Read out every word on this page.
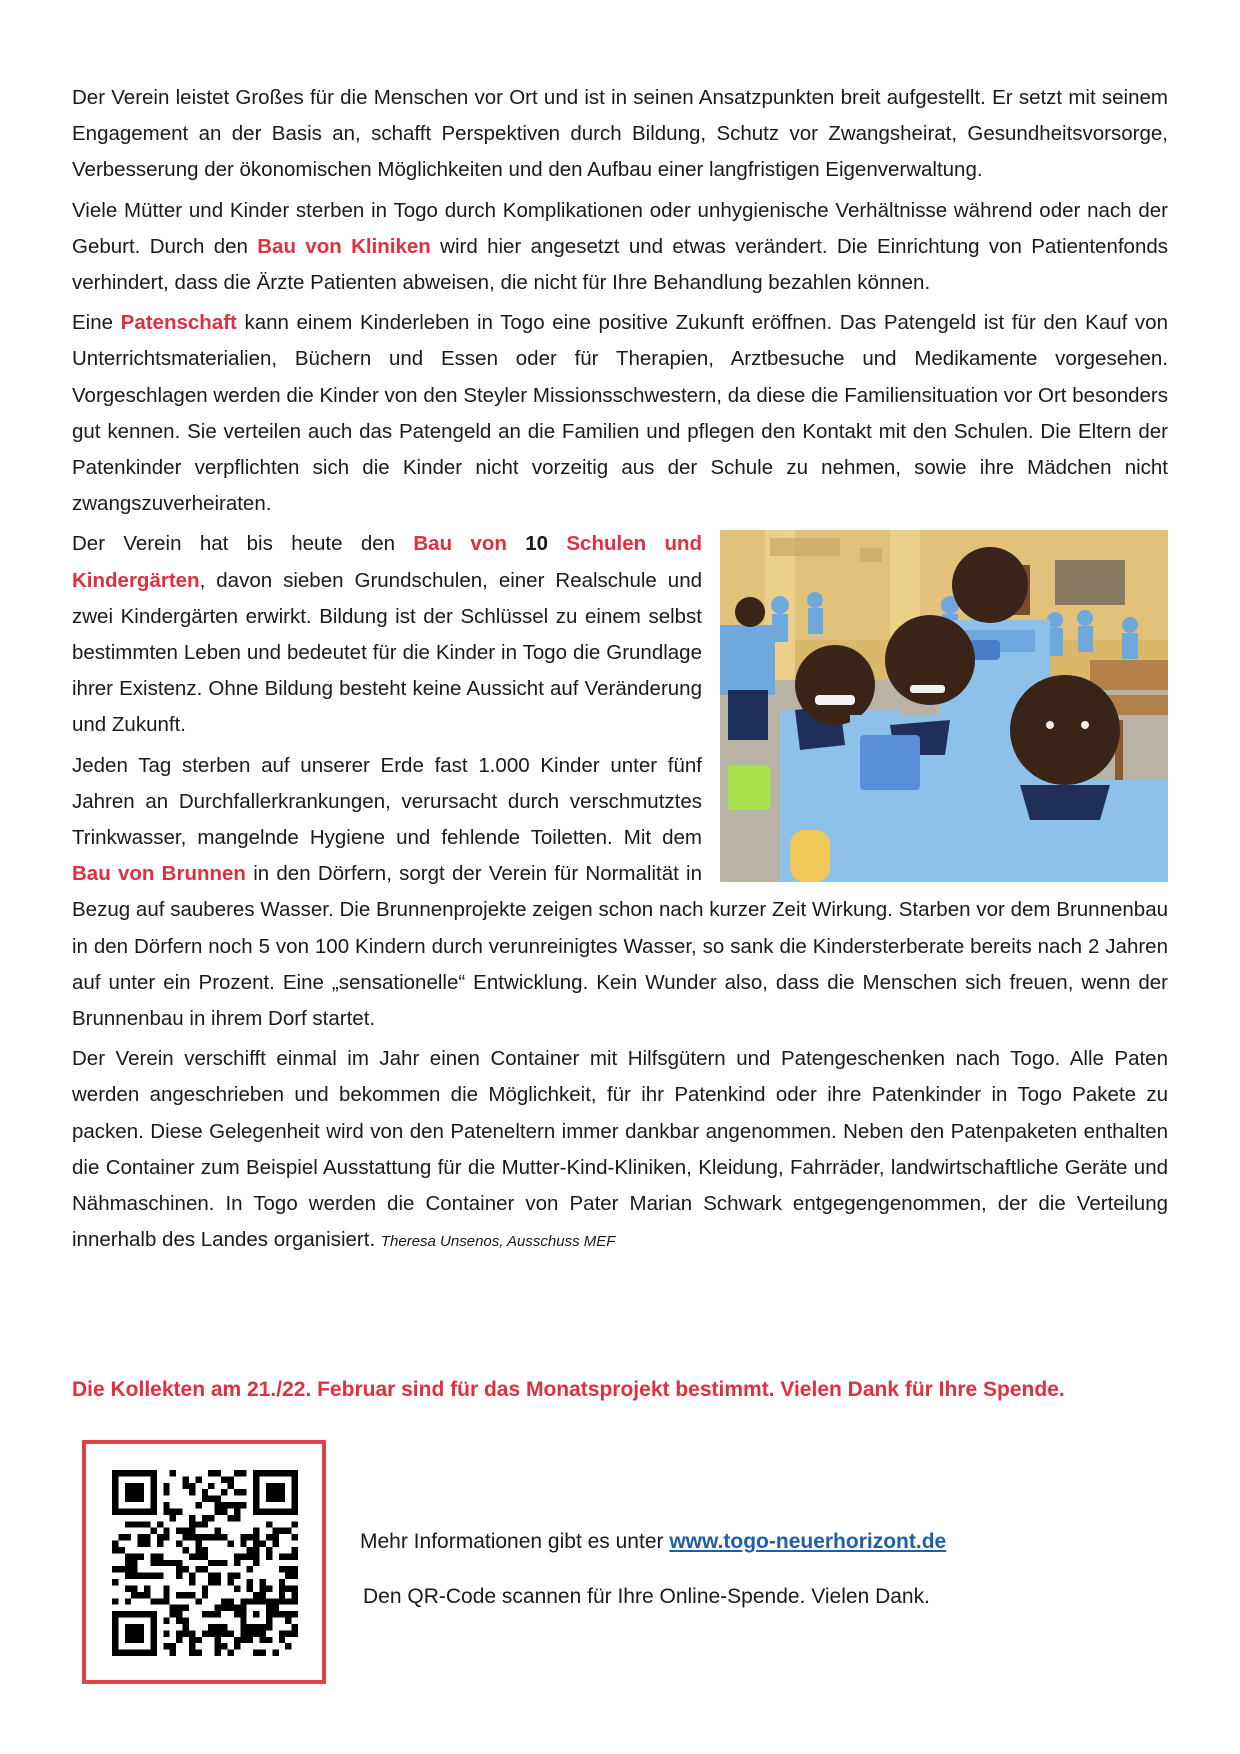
Der Verein leistet Großes für die Menschen vor Ort und ist in seinen Ansatzpunkten breit aufgestellt. Er setzt mit seinem Engagement an der Basis an, schafft Perspektiven durch Bildung, Schutz vor Zwangsheirat, Gesundheitsvorsorge, Verbesserung der ökonomischen Möglichkeiten und den Aufbau einer langfristigen Eigenverwaltung.

Viele Mütter und Kinder sterben in Togo durch Komplikationen oder unhygienische Verhältnisse während oder nach der Geburt. Durch den Bau von Kliniken wird hier angesetzt und etwas verändert. Die Einrichtung von Patientenfonds verhindert, dass die Ärzte Patienten abweisen, die nicht für Ihre Behandlung bezahlen können.

Eine Patenschaft kann einem Kinderleben in Togo eine positive Zukunft eröffnen. Das Patengeld ist für den Kauf von Unterrichtsmaterialien, Büchern und Essen oder für Therapien, Arztbesuche und Medikamente vorgesehen. Vorgeschlagen werden die Kinder von den Steyler Missionsschwestern, da diese die Familiensituation vor Ort besonders gut kennen. Sie verteilen auch das Patengeld an die Familien und pflegen den Kontakt mit den Schulen. Die Eltern der Patenkinder verpflichten sich die Kinder nicht vorzeitig aus der Schule zu nehmen, sowie ihre Mädchen nicht zwangszuverheiraten.

Der Verein hat bis heute den Bau von 10 Schulen und Kindergärten, davon sieben Grundschulen, einer Realschule und zwei Kindergärten erwirkt. Bildung ist der Schlüssel zu einem selbst bestimmten Leben und bedeutet für die Kinder in Togo die Grundlage ihrer Existenz. Ohne Bildung besteht keine Aussicht auf Veränderung und Zukunft.

Jeden Tag sterben auf unserer Erde fast 1.000 Kinder unter fünf Jahren an Durchfallerkrankungen, verursacht durch verschmutztes Trinkwasser, mangelnde Hygiene und fehlende Toiletten. Mit dem Bau von Brunnen in den Dörfern, sorgt der Verein für Normalität in Bezug auf sauberes Wasser. Die Brunnenprojekte zeigen schon nach kurzer Zeit Wirkung. Starben vor dem Brunnenbau in den Dörfern noch 5 von 100 Kindern durch verunreinigtes Wasser, so sank die Kindersterberate bereits nach 2 Jahren auf unter ein Prozent. Eine „sensationelle“ Entwicklung. Kein Wunder also, dass die Menschen sich freuen, wenn der Brunnenbau in ihrem Dorf startet.

Der Verein verschifft einmal im Jahr einen Container mit Hilfsgütern und Patengeschenken nach Togo. Alle Paten werden angeschrieben und bekommen die Möglichkeit, für ihr Patenkind oder ihre Patenkinder in Togo Pakete zu packen. Diese Gelegenheit wird von den Pateneltern immer dankbar angenommen. Neben den Patenpaketen enthalten die Container zum Beispiel Ausstattung für die Mutter-Kind-Kliniken, Kleidung, Fahrräder, landwirtschaftliche Geräte und Nähmaschinen. In Togo werden die Container von Pater Marian Schwark entgegengenommen, der die Verteilung innerhalb des Landes organisiert. Theresa Unsenos, Ausschuss MEF

Die Kollekten am 21./22. Februar sind für das Monatsprojekt bestimmt. Vielen Dank für Ihre Spende.
Mehr Informationen gibt es unter www.togo-neuerhorizont.de
Den QR-Code scannen für Ihre Online-Spende. Vielen Dank.
